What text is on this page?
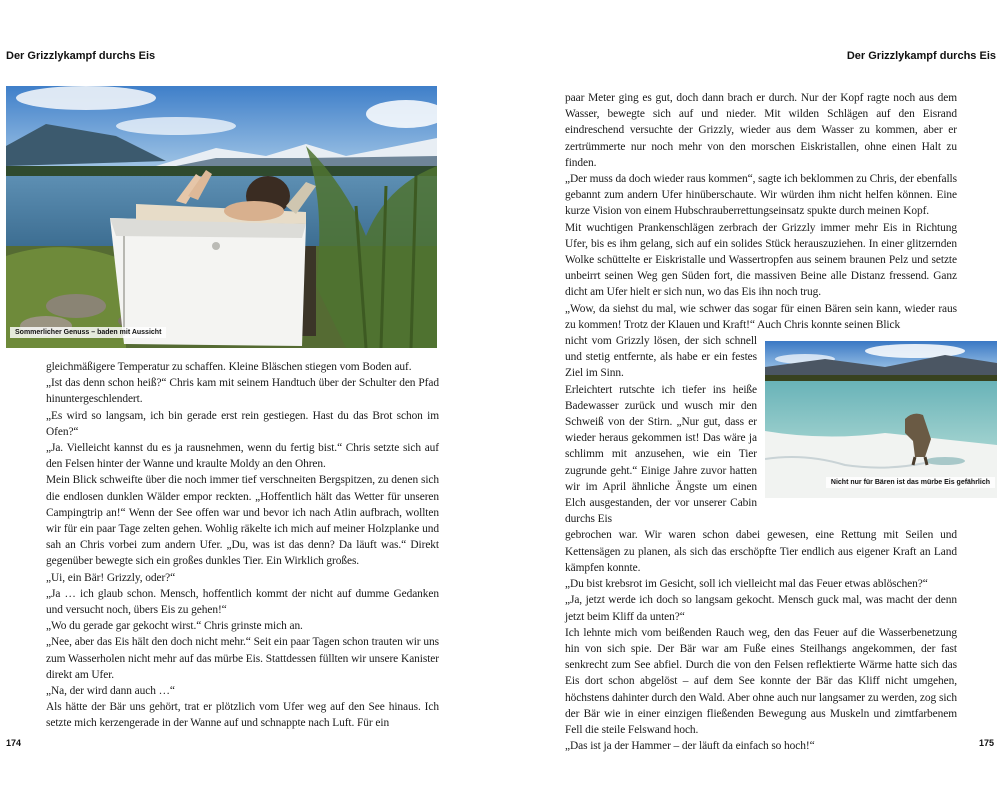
Der Grizzlykampf durchs Eis	Der Grizzlykampf durchs Eis
Sommerlicher Genuss – baden mit Aussicht

gleichmäßigere Temperatur zu schaffen. Kleine Bläschen stiegen vom Boden auf.

„Ist das denn schon heiß?“ Chris kam mit seinem Handtuch über der Schulter den Pfad hinuntergeschlendert.

„Es wird so langsam, ich bin gerade erst rein gestiegen. Hast du das Brot schon im Ofen?“

„Ja. Vielleicht kannst du es ja rausnehmen, wenn du fertig bist.“ Chris setzte sich auf den Felsen hinter der Wanne und kraulte Moldy an den Ohren.

Mein Blick schweifte über die noch immer tief verschneiten Bergspitzen, zu denen sich die endlosen dunklen Wälder empor reckten. „Hoffentlich hält das Wetter für unseren Campingtrip an!“ Wenn der See offen war und bevor ich nach Atlin aufbrach, wollten wir für ein paar Tage zelten gehen. Wohlig räkelte ich mich auf meiner Holzplanke und sah an Chris vorbei zum andern Ufer. „Du, was ist das denn? Da läuft was.“ Direkt gegenüber bewegte sich ein großes dunkles Tier. Ein Wirklich großes.

„Ui, ein Bär! Grizzly, oder?“

„Ja … ich glaub schon. Mensch, hoffentlich kommt der nicht auf dumme Gedanken und versucht noch, übers Eis zu gehen!“

„Wo du gerade gar gekocht wirst.“ Chris grinste mich an.

„Nee, aber das Eis hält den doch nicht mehr.“ Seit ein paar Tagen schon trauten wir uns zum Wasserholen nicht mehr auf das mürbe Eis. Stattdessen füllten wir unsere Kanister direkt am Ufer.

„Na, der wird dann auch …“

Als hätte der Bär uns gehört, trat er plötzlich vom Ufer weg auf den See hinaus. Ich setzte mich kerzengerade in der Wanne auf und schnappte nach Luft. Für ein

paar Meter ging es gut, doch dann brach er durch. Nur der Kopf ragte noch aus dem Wasser, bewegte sich auf und nieder. Mit wilden Schlägen auf den Eisrand eindreschend versuchte der Grizzly, wieder aus dem Wasser zu kommen, aber er zertrümmerte nur noch mehr von den morschen Eiskristallen, ohne einen Halt zu finden.

„Der muss da doch wieder raus kommen“, sagte ich beklommen zu Chris, der ebenfalls gebannt zum andern Ufer hinüberschaute. Wir würden ihm nicht helfen können. Eine kurze Vision von einem Hubschrauberrettungseinsatz spukte durch meinen Kopf.

Mit wuchtigen Prankenschlägen zerbrach der Grizzly immer mehr Eis in Richtung Ufer, bis es ihm gelang, sich auf ein solides Stück herauszuziehen. In einer glitzernden Wolke schüttelte er Eiskristalle und Wassertropfen aus seinem braunen Pelz und setzte unbeirrt seinen Weg gen Süden fort, die massiven Beine alle Distanz fressend. Ganz dicht am Ufer hielt er sich nun, wo das Eis ihn noch trug.

„Wow, da siehst du mal, wie schwer das sogar für einen Bären sein kann, wieder raus zu kommen! Trotz der Klauen und Kraft!“ Auch Chris konnte seinen Blick

nicht vom Grizzly lösen, der sich schnell und stetig entfernte, als habe er ein festes Ziel im Sinn.

Erleichtert rutschte ich tiefer ins heiße Badewasser zurück und wusch mir den Schweiß von der Stirn. „Nur gut, dass er wieder heraus gekommen ist! Das wäre ja schlimm mit anzusehen, wie ein Tier zugrunde geht.“ Einige Jahre zuvor hatten wir im April ähnliche Ängste um einen Elch ausgestanden, der vor unserer Cabin durchs Eis

gebrochen war. Wir waren schon dabei gewesen, eine Rettung mit Seilen und Kettensägen zu planen, als sich das erschöpfte Tier endlich aus eigener Kraft an Land kämpfen konnte.

„Du bist krebsrot im Gesicht, soll ich vielleicht mal das Feuer etwas ablöschen?“

„Ja, jetzt werde ich doch so langsam gekocht. Mensch guck mal, was macht der denn jetzt beim Kliff da unten?“

Ich lehnte mich vom beißenden Rauch weg, den das Feuer auf die Wasserbenetzung hin von sich spie. Der Bär war am Fuße eines Steilhangs angekommen, der fast senkrecht zum See abfiel. Durch die von den Felsen reflektierte Wärme hatte sich das Eis dort schon abgelöst – auf dem See konnte der Bär das Kliff nicht umgehen, höchstens dahinter durch den Wald. Aber ohne auch nur langsamer zu werden, zog sich der Bär wie in einer einzigen fließenden Bewegung aus Muskeln und zimtfarbenem Fell die steile Felswand hoch.

„Das ist ja der Hammer – der läuft da einfach so hoch!“

Nicht nur für Bären ist das mürbe Eis gefährlich
174	175
